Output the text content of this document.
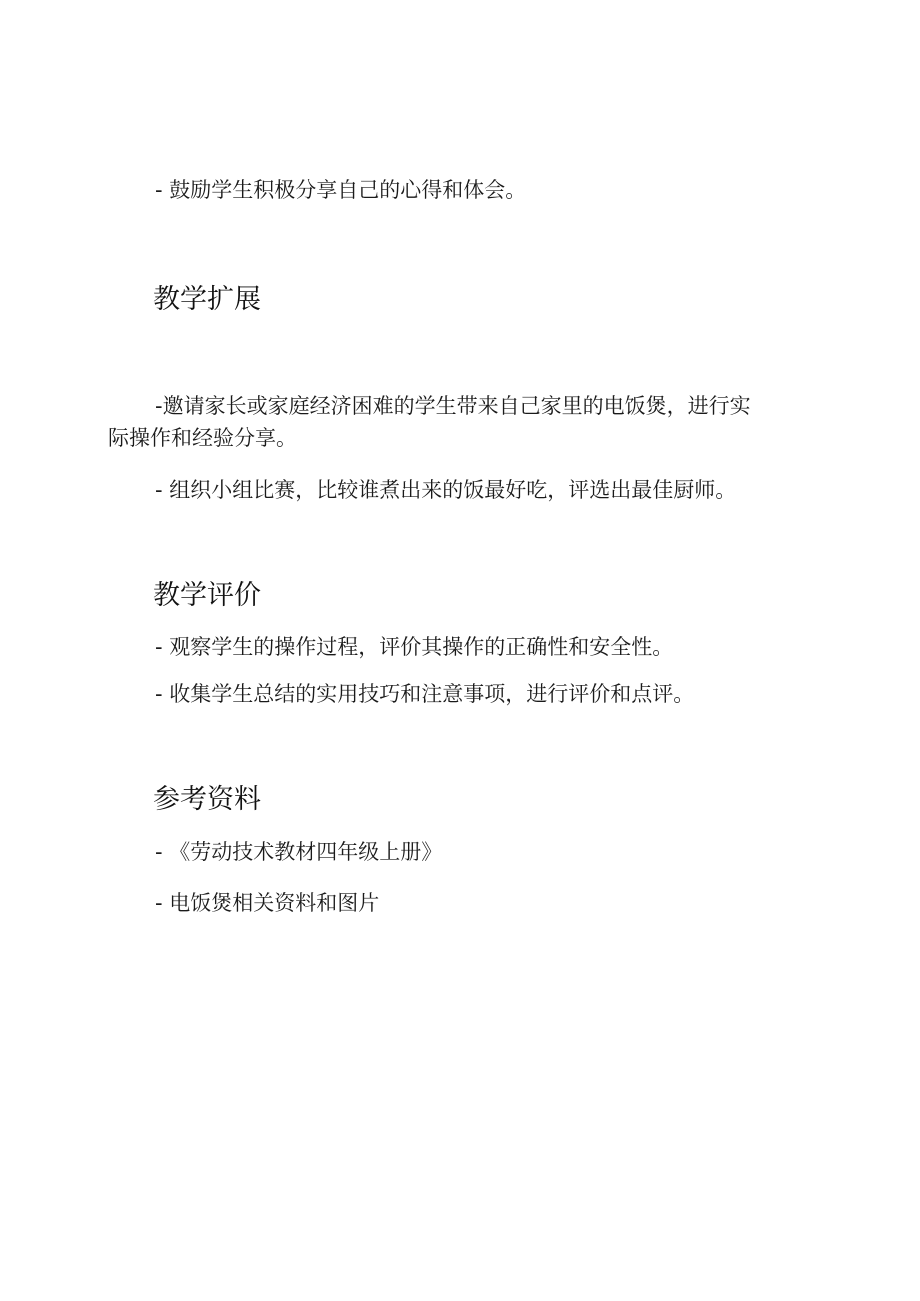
- 鼓励学生积极分享自己的心得和体会。
教学扩展
-邀请家长或家庭经济困难的学生带来自己家里的电饭煲，进行实
际操作和经验分享。
- 组织小组比赛，比较谁煮出来的饭最好吃，评选出最佳厨师。
教学评价
- 观察学生的操作过程，评价其操作的正确性和安全性。
- 收集学生总结的实用技巧和注意事项，进行评价和点评。
参考资料
- 《劳动技术教材四年级上册》
- 电饭煲相关资料和图片
